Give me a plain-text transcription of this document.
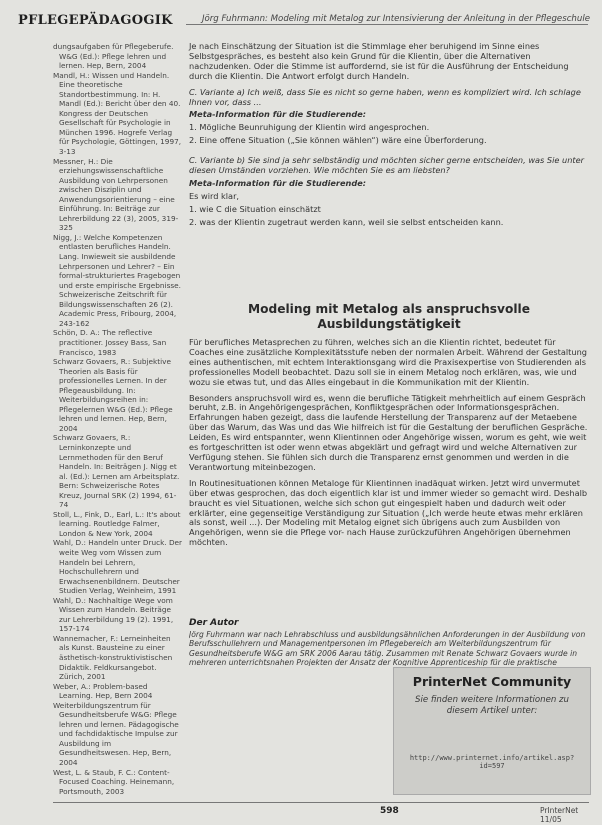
PFLEGEPÄDAGOGIK	Jörg Fuhrmann: Modeling mit Metalog zur Intensivierung der Anleitung in der Pflegeschule

dungsaufgaben für Pflegeberufe. W&G (Ed.): Pflege lehren und lernen. Hep, Bern, 2004

Mandl, H.: Wissen und Handeln. Eine theoretische Standortbestimmung. In: H. Mandl (Ed.): Bericht über den 40. Kongress der Deutschen Gesellschaft für Psychologie in München 1996. Hogrefe Verlag für Psychologie, Göttingen, 1997, 3-13

Messner, H.: Die erziehungswissenschaftliche Ausbildung von Lehrpersonen zwischen Disziplin und Anwendungsorientierung – eine Einführung. In: Beiträge zur Lehrerbildung 22 (3), 2005, 319-325

Nigg, J.: Welche Kompetenzen entlasten berufliches Handeln. Lang. Inwieweit sie ausbildende Lehrpersonen und Lehrer? – Ein formal-strukturiertes Fragebogen und erste empirische Ergebnisse. Schweizerische Zeitschrift für Bildungswissenschaften 26 (2). Academic Press, Fribourg, 2004, 243-162

Schön, D. A.: The reflective practitioner. Jossey Bass, San Francisco, 1983

Schwarz Govaers, R.: Subjektive Theorien als Basis für professionelles Lernen. In der Pflegeausbildung. In: Weiterbildungsreihen in: Pflegelernen W&G (Ed.): Pflege lehren und lernen. Hep, Bern, 2004

Schwarz Govaers, R.: Lerninkonzepte und Lernmethoden für den Beruf Handeln. In: Beiträgen J. Nigg et al. (Ed.): Lernen am Arbeitsplatz. Bern: Schweizerische Rotes Kreuz, Journal SRK (2) 1994, 61-74

Stoll, L., Fink, D., Earl, L.: It's about learning. Routledge Falmer, London & New York, 2004

Wahl, D.: Handeln unter Druck. Der weite Weg vom Wissen zum Handeln bei Lehrern, Hochschullehrern und Erwachsenenbildnern. Deutscher Studien Verlag, Weinheim, 1991

Wahl, D.: Nachhaltige Wege vom Wissen zum Handeln. Beiträge zur Lehrerbildung 19 (2). 1991, 157-174

Wannemacher, F.: Lerneinheiten als Kunst. Bausteine zu einer ästhetisch-konstruktivistischen Didaktik. Feldkursangebot. Zürich, 2001

Weber, A.: Problem-based Learning. Hep, Bern 2004

Weiterbildungszentrum für Gesundheitsberufe W&G: Pflege lehren und lernen. Pädagogische und fachdidaktische Impulse zur Ausbildung im Gesundheitswesen. Hep, Bern, 2004

West, L. & Staub, F. C.: Content-Focused Coaching. Heinemann, Portsmouth, 2003

Je nach Einschätzung der Situation ist die Stimmlage eher beruhigend im Sinne eines Selbstgespräches, es besteht also kein Grund für die Klientin, über die Alternativen nachzudenken. Oder die Stimme ist auffordernd, sie ist für die Ausführung der Entscheidung durch die Klientin. Die Antwort erfolgt durch Handeln.

C. Variante a) Ich weiß, dass Sie es nicht so gerne haben, wenn es kompliziert wird. Ich schlage Ihnen vor, dass ...

Meta-Information für die Studierende:

1. Mögliche Beunruhigung der Klientin wird angesprochen.

2. Eine offene Situation („Sie können wählen“) wäre eine Überforderung.

C. Variante b) Sie sind ja sehr selbständig und möchten sicher gerne entscheiden, was Sie unter diesen Umständen vorziehen. Wie möchten Sie es am liebsten?

Meta-Information für die Studierende:

Es wird klar,

1. wie C die Situation einschätzt

2. was der Klientin zugetraut werden kann, weil sie selbst entscheiden kann.

Modeling mit Metalog als anspruchsvolle Ausbildungstätigkeit

Für berufliches Metasprechen zu führen, welches sich an die Klientin richtet, bedeutet für Coaches eine zusätzliche Komplexitätsstufe neben der normalen Arbeit. Während der Gestaltung eines authentischen, mit echtem Interaktionsgang wird die Praxisexpertise von Studierenden als professionelles Modell beobachtet. Dazu soll sie in einem Metalog noch erklären, was, wie und wozu sie etwas tut, und das Alles eingebaut in die Kommunikation mit der Klientin.

Besonders anspruchsvoll wird es, wenn die berufliche Tätigkeit mehrheitlich auf einem Gespräch beruht, z.B. in Angehörigengesprächen, Konfliktgesprächen oder Informationsgesprächen. Erfahrungen haben gezeigt, dass die laufende Herstellung der Transparenz auf der Metaebene über das Warum, das Was und das Wie hilfreich ist für die Gestaltung der beruflichen Gespräche. Leiden, Es wird entspannter, wenn Klientinnen oder Angehörige wissen, worum es geht, wie weit es fortgeschritten ist oder wenn etwas abgeklärt und gefragt wird und welche Alternativen zur Verfügung stehen. Sie fühlen sich durch die Transparenz ernst genommen und werden in die Verantwortung miteinbezogen.

In Routinesituationen können Metaloge für Klientinnen inadäquat wirken. Jetzt wird unvermutet über etwas gesprochen, das doch eigentlich klar ist und immer wieder so gemacht wird. Deshalb braucht es viel Situationen, welche sich schon gut eingespielt haben und dadurch weit oder erklärter, eine gegenseitige Verständigung zur Situation („Ich werde heute etwas mehr erklären als sonst, weil ...). Der Modeling mit Metalog eignet sich übrigens auch zum Ausbilden von Angehörigen, wenn sie die Pflege vor- nach Hause zurückzuführen Angehörigen übernehmen möchten.

Der Autor
Jörg Fuhrmann war nach Lehrabschluss und ausbildungsähnlichen Anforderungen in der Ausbildung von Berufsschullehrern und Managementpersonen im Pflegebereich am Weiterbildungszentrum für Gesundheitsberufe W&G am SRK 2006 Aarau tätig. Zusammen mit Renate Schwarz Govaers wurde in mehreren unterrichtsnahen Projekten der Ansatz der Kognitive Apprenticeship für die praktische
PrinterNet Community
Sie finden weitere Informationen zu diesem Artikel unter:
http://www.printernet.info/artikel.asp?id=597
598	PrInterNet 11/05
